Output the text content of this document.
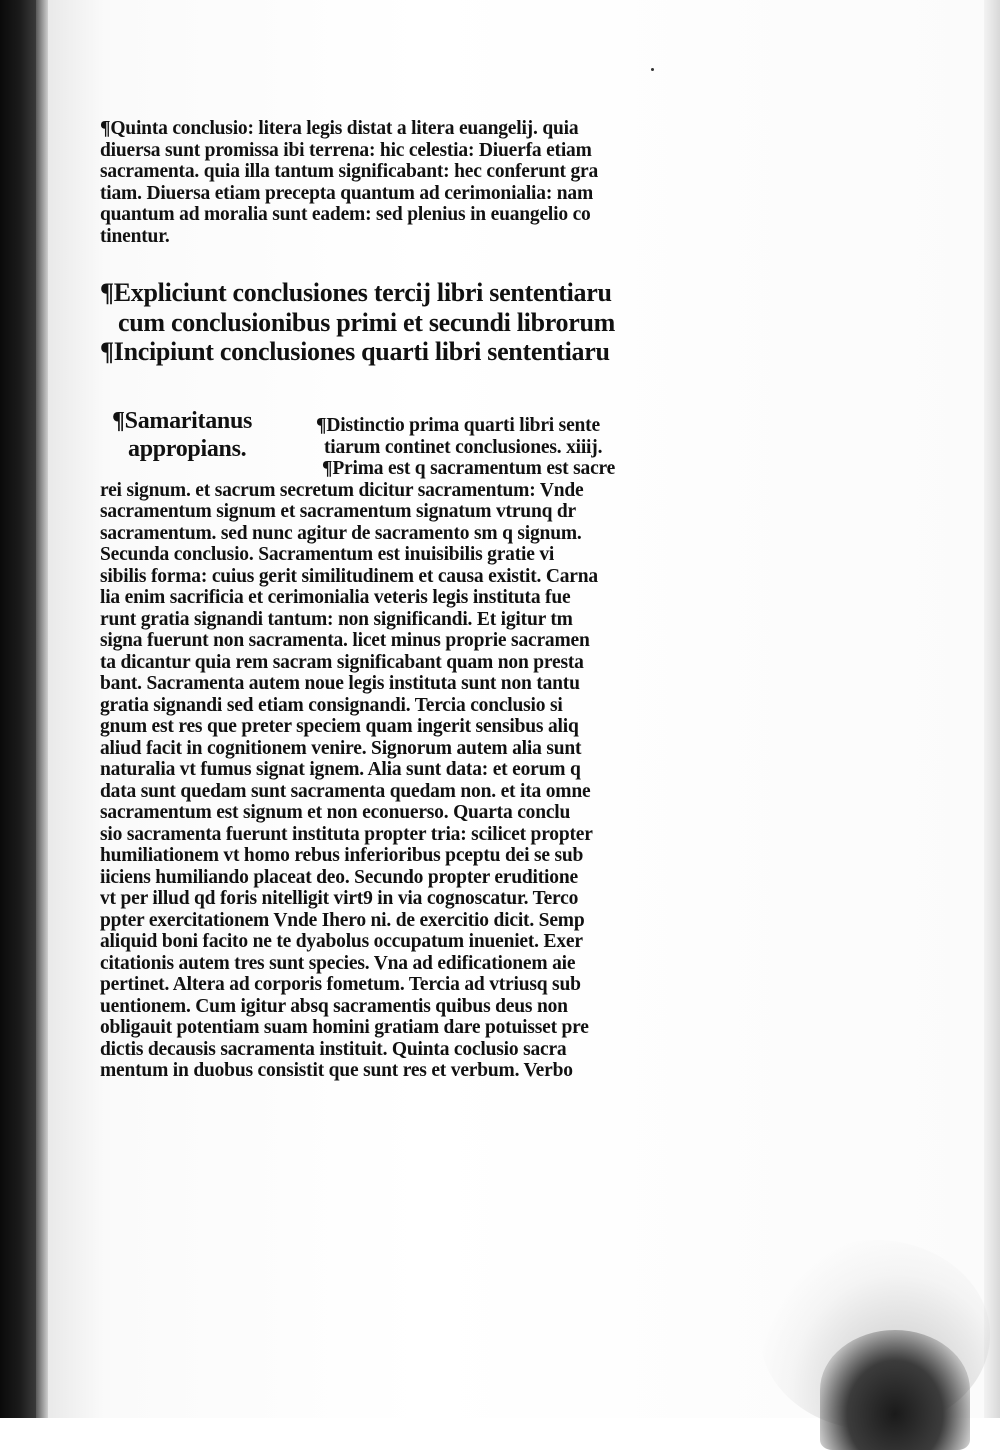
¶Quinta conclusio: litera legis distat a litera euangelij. quia
diuersa sunt promissa ibi terrena: hic celestia: Diuerfa etiam
sacramenta. quia illa tantum significabant: hec conferunt gra
tiam. Diuersa etiam precepta quantum ad cerimonialia: nam
quantum ad moralia sunt eadem: sed plenius in euangelio co
tinentur.
¶Expliciunt conclusiones tercij libri sententiaru
cum conclusionibus primi et secundi librorum
¶Incipiunt conclusiones quarti libri sententiaru
¶Samaritanus
appropians.
¶Distinctio prima quarti libri sente
tiarum continet conclusiones. xiiij.
¶Prima est q sacramentum est sacre
rei signum. et sacrum secretum dicitur sacramentum: Vnde
sacramentum signum et sacramentum signatum vtrunq dr
sacramentum. sed nunc agitur de sacramento sm q signum.
Secunda conclusio. Sacramentum est inuisibilis gratie vi
sibilis forma: cuius gerit similitudinem et causa existit. Carna
lia enim sacrificia et cerimonialia veteris legis instituta fue
runt gratia signandi tantum: non significandi. Et igitur tm
signa fuerunt non sacramenta. licet minus proprie sacramen
ta dicantur quia rem sacram significabant quam non presta
bant. Sacramenta autem noue legis instituta sunt non tantu
gratia signandi sed etiam consignandi. Tercia conclusio si
gnum est res que preter speciem quam ingerit sensibus aliq
aliud facit in cognitionem venire. Signorum autem alia sunt
naturalia vt fumus signat ignem. Alia sunt data: et eorum q
data sunt quedam sunt sacramenta quedam non. et ita omne
sacramentum est signum et non econuerso. Quarta conclu
sio sacramenta fuerunt instituta propter tria: scilicet propter
humiliationem vt homo rebus inferioribus pceptu dei se sub
iiciens humiliando placeat deo. Secundo propter eruditione
vt per illud qd foris nitelligit virt9 in via cognoscatur. Terco
ppter exercitationem Vnde Ihero ni. de exercitio dicit. Semp
aliquid boni facito ne te dyabolus occupatum inueniet. Exer
citationis autem tres sunt species. Vna ad edificationem aie
pertinet. Altera ad corporis fometum. Tercia ad vtriusq sub
uentionem. Cum igitur absq sacramentis quibus deus non
obligauit potentiam suam homini gratiam dare potuisset pre
dictis decausis sacramenta instituit. Quinta coclusio sacra
mentum in duobus consistit que sunt res et verbum. Verbo
